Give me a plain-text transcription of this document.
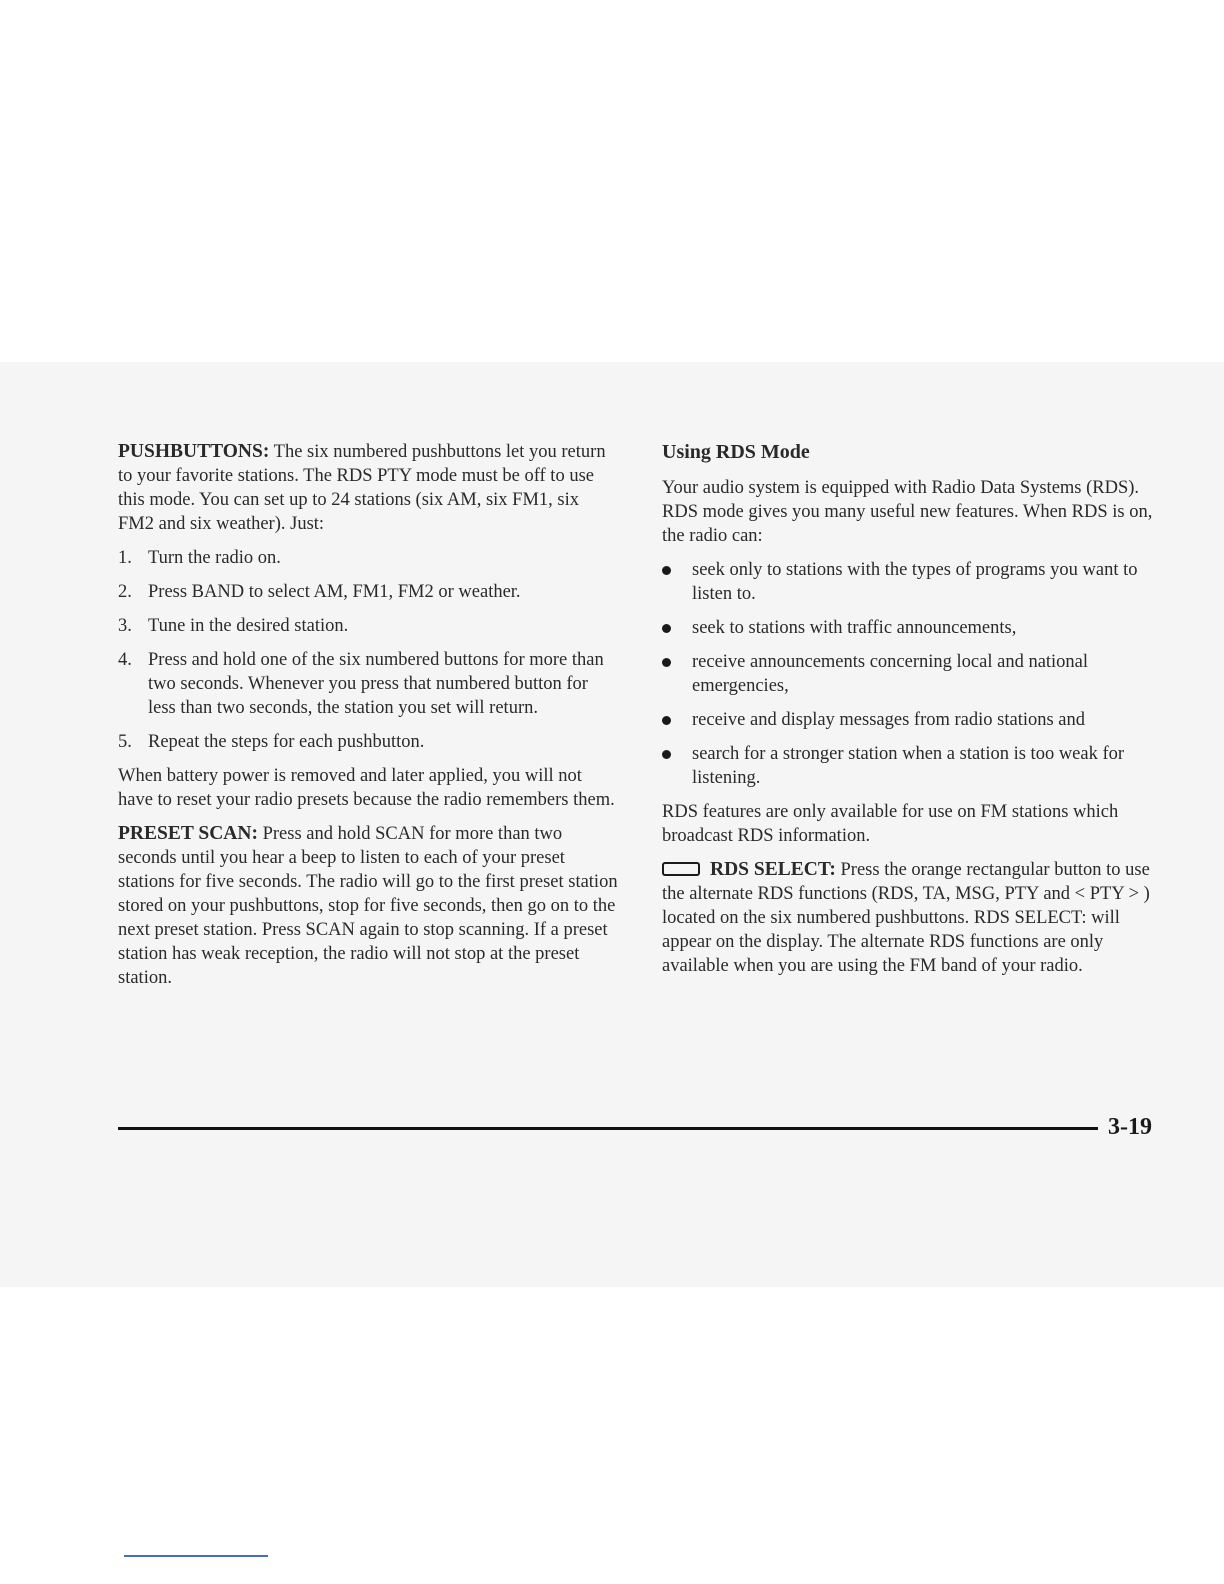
PUSHBUTTONS: The six numbered pushbuttons let you return to your favorite stations. The RDS PTY mode must be off to use this mode. You can set up to 24 stations (six AM, six FM1, six FM2 and six weather). Just:

1. Turn the radio on.
2. Press BAND to select AM, FM1, FM2 or weather.
3. Tune in the desired station.
4. Press and hold one of the six numbered buttons for more than two seconds. Whenever you press that numbered button for less than two seconds, the station you set will return.
5. Repeat the steps for each pushbutton.

When battery power is removed and later applied, you will not have to reset your radio presets because the radio remembers them.

PRESET SCAN: Press and hold SCAN for more than two seconds until you hear a beep to listen to each of your preset stations for five seconds. The radio will go to the first preset station stored on your pushbuttons, stop for five seconds, then go on to the next preset station. Press SCAN again to stop scanning. If a preset station has weak reception, the radio will not stop at the preset station.

Using RDS Mode

Your audio system is equipped with Radio Data Systems (RDS). RDS mode gives you many useful new features. When RDS is on, the radio can:

seek only to stations with the types of programs you want to listen to.
seek to stations with traffic announcements,
receive announcements concerning local and national emergencies,
receive and display messages from radio stations and
search for a stronger station when a station is too weak for listening.

RDS features are only available for use on FM stations which broadcast RDS information.

RDS SELECT: Press the orange rectangular button to use the alternate RDS functions (RDS, TA, MSG, PTY and < PTY > ) located on the six numbered pushbuttons. RDS SELECT: will appear on the display. The alternate RDS functions are only available when you are using the FM band of your radio.

3-19
